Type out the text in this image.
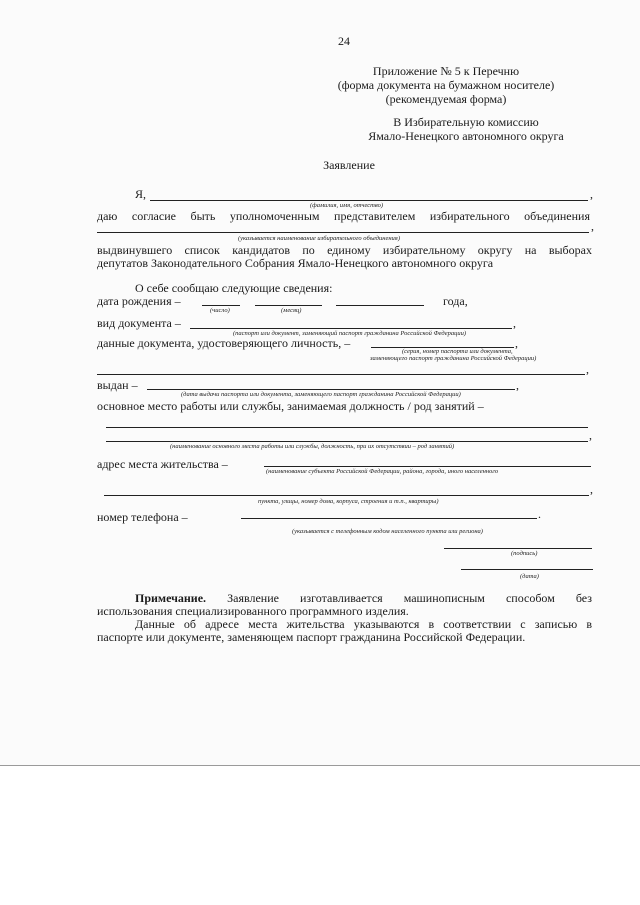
24
Приложение № 5 к Перечню
(форма документа на бумажном носителе)
(рекомендуемая форма)
В Избирательную комиссию
Ямало-Ненецкого автономного округа
Заявление
Я,	,
(фамилия, имя, отчество)
даю согласие быть уполномоченным представителем избирательного объединения
,
(указывается наименование избирательного объединения)
выдвинувшего список кандидатов по единому избирательному округу на выборах
депутатов Законодательного Собрания Ямало-Ненецкого автономного округа
О себе сообщаю следующие сведения:
дата рождения –	года,
(число)	(месяц)
вид документа –	,
(паспорт или документ, заменяющий паспорт гражданина Российской Федерации)
данные документа, удостоверяющего личность, –	,
(серия, номер паспорта или документа,
заменяющего паспорт гражданина Российской Федерации)
,
выдан –	,
(дата выдачи паспорта или документа, заменяющего паспорт гражданина Российской Федерации)
основное место работы или службы, занимаемая должность / род занятий –
,
(наименование основного места работы или службы, должность, при их отсутствии – род занятий)
адрес места жительства –
(наименование субъекта Российской Федерации, района, города, иного населенного
,
пункта, улицы, номер дома, корпуса, строения и т.п., квартиры)
номер телефона –	.
(указывается с телефонным кодом населенного пункта или региона)
(подпись)
(дата)
Примечание. Заявление изготавливается машинописным способом без
использования специализированного программного изделия.
Данные об адресе места жительства указываются в соответствии с записью в
паспорте или документе, заменяющем паспорт гражданина Российской Федерации.
